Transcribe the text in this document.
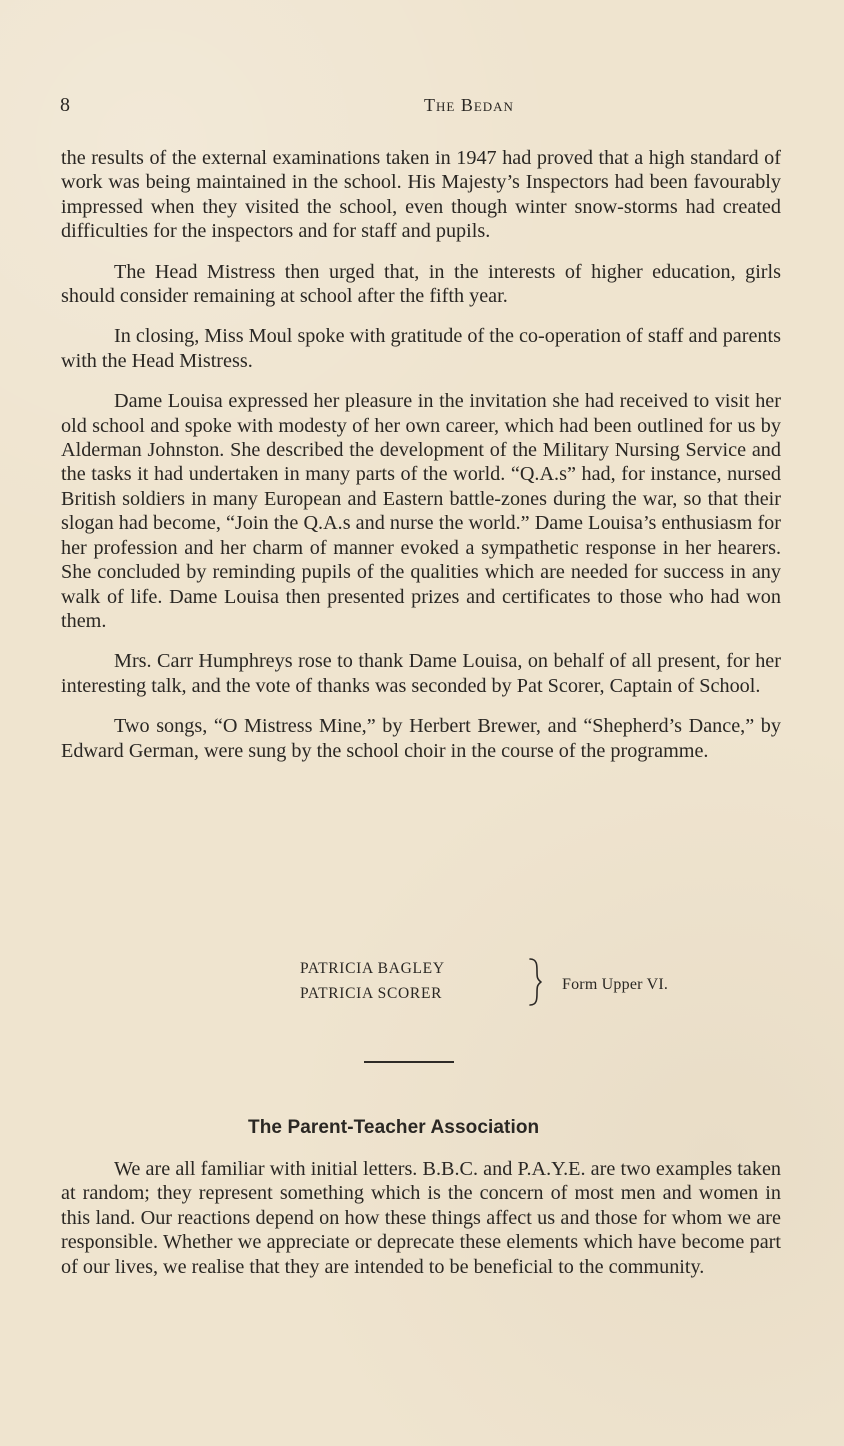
8	The Bedan

the results of the external examinations taken in 1947 had proved that a high standard of work was being maintained in the school. His Majesty’s Inspectors had been favourably impressed when they visited the school, even though winter snow-storms had created difficulties for the inspectors and for staff and pupils.

The Head Mistress then urged that, in the interests of higher education, girls should consider remaining at school after the fifth year.

In closing, Miss Moul spoke with gratitude of the co-operation of staff and parents with the Head Mistress.

Dame Louisa expressed her pleasure in the invitation she had received to visit her old school and spoke with modesty of her own career, which had been outlined for us by Alderman Johnston. She described the development of the Military Nursing Service and the tasks it had undertaken in many parts of the world. “Q.A.s” had, for instance, nursed British soldiers in many European and Eastern battle-zones during the war, so that their slogan had become, “Join the Q.A.s and nurse the world.” Dame Louisa’s enthusiasm for her profession and her charm of manner evoked a sympathetic response in her hearers. She concluded by reminding pupils of the qualities which are needed for success in any walk of life. Dame Louisa then presented prizes and certificates to those who had won them.

Mrs. Carr Humphreys rose to thank Dame Louisa, on behalf of all present, for her interesting talk, and the vote of thanks was seconded by Pat Scorer, Captain of School.

Two songs, “O Mistress Mine,” by Herbert Brewer, and “Shepherd’s Dance,” by Edward German, were sung by the school choir in the course of the programme.

PATRICIA BAGLEY
PATRICIA SCORER
Form Upper VI.
The Parent-Teacher Association

We are all familiar with initial letters. B.B.C. and P.A.Y.E. are two examples taken at random; they represent something which is the concern of most men and women in this land. Our reactions depend on how these things affect us and those for whom we are responsible. Whether we appreciate or deprecate these elements which have become part of our lives, we realise that they are intended to be beneficial to the community.
